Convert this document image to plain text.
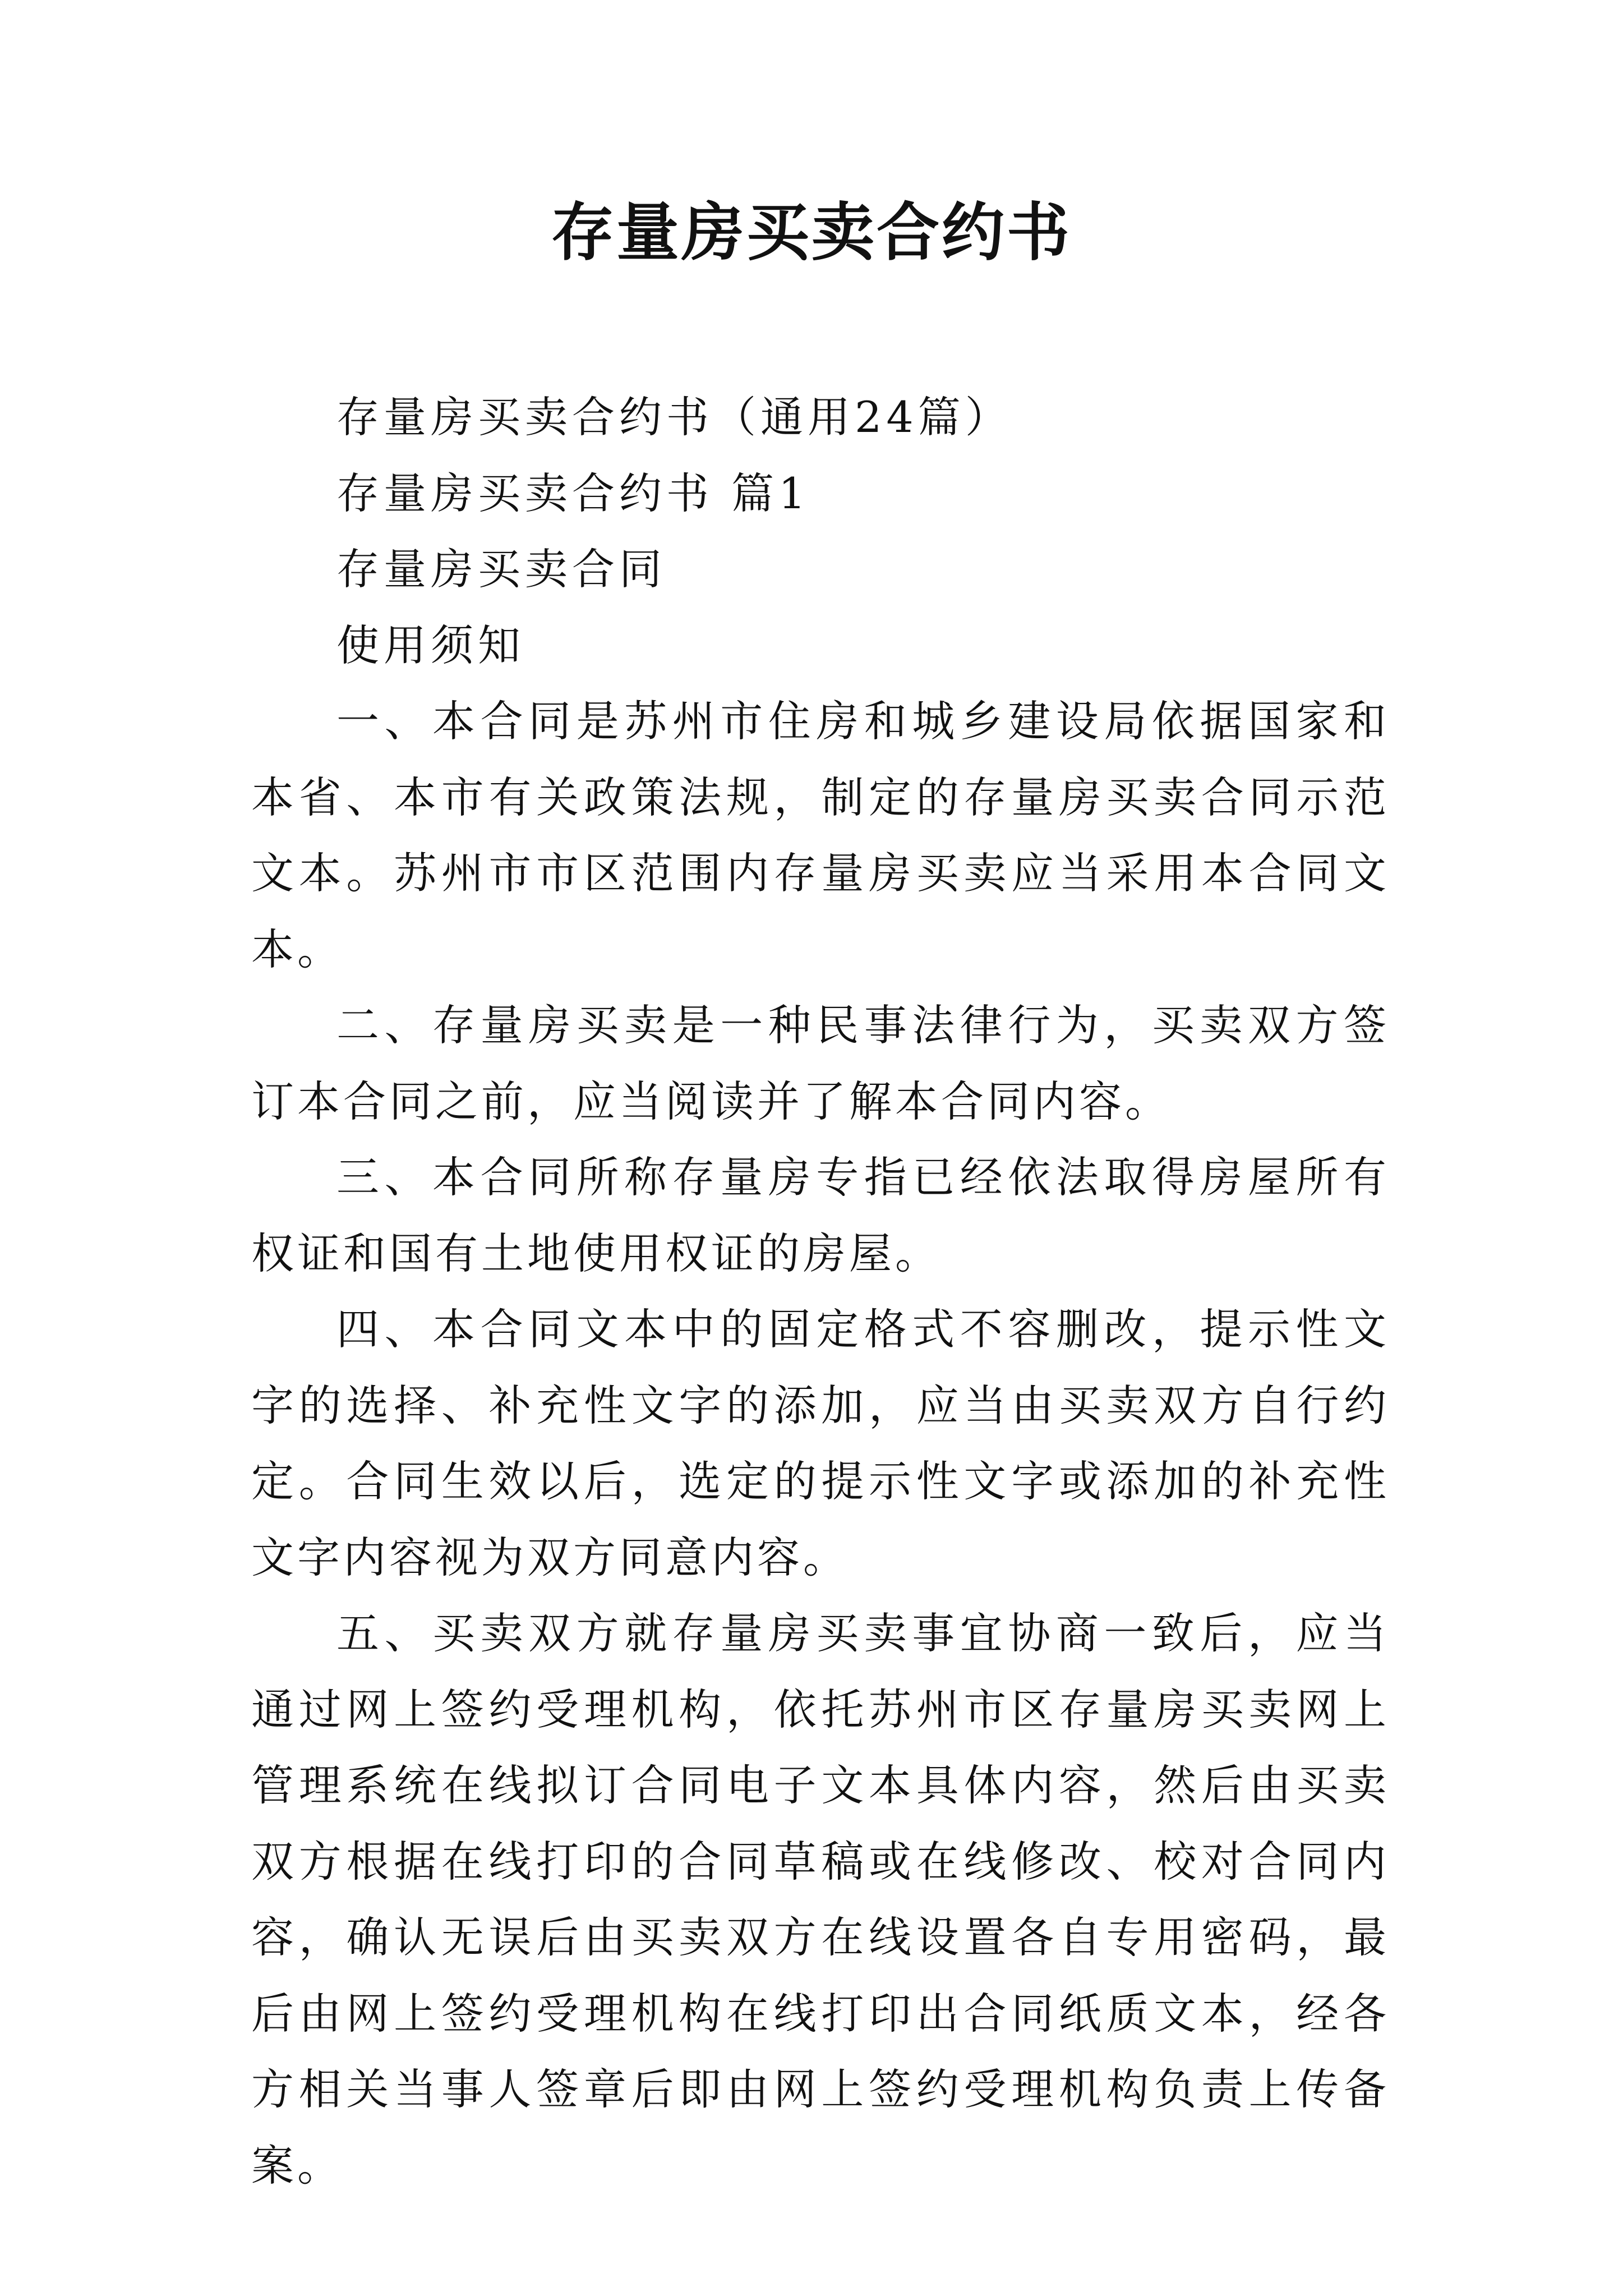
存量房买卖合约书

存量房买卖合约书（通用24篇）

存量房买卖合约书 篇1

存量房买卖合同

使用须知

一、本合同是苏州市住房和城乡建设局依据国家和本省、本市有关政策法规，制定的存量房买卖合同示范文本。苏州市市区范围内存量房买卖应当采用本合同文本。

二、存量房买卖是一种民事法律行为，买卖双方签订本合同之前，应当阅读并了解本合同内容。

三、本合同所称存量房专指已经依法取得房屋所有权证和国有土地使用权证的房屋。

四、本合同文本中的固定格式不容删改，提示性文字的选择、补充性文字的添加，应当由买卖双方自行约定。合同生效以后，选定的提示性文字或添加的补充性文字内容视为双方同意内容。

五、买卖双方就存量房买卖事宜协商一致后，应当通过网上签约受理机构，依托苏州市区存量房买卖网上管理系统在线拟订合同电子文本具体内容，然后由买卖双方根据在线打印的合同草稿或在线修改、校对合同内容，确认无误后由买卖双方在线设置各自专用密码，最后由网上签约受理机构在线打印出合同纸质文本，经各方相关当事人签章后即由网上签约受理机构负责上传备案。
